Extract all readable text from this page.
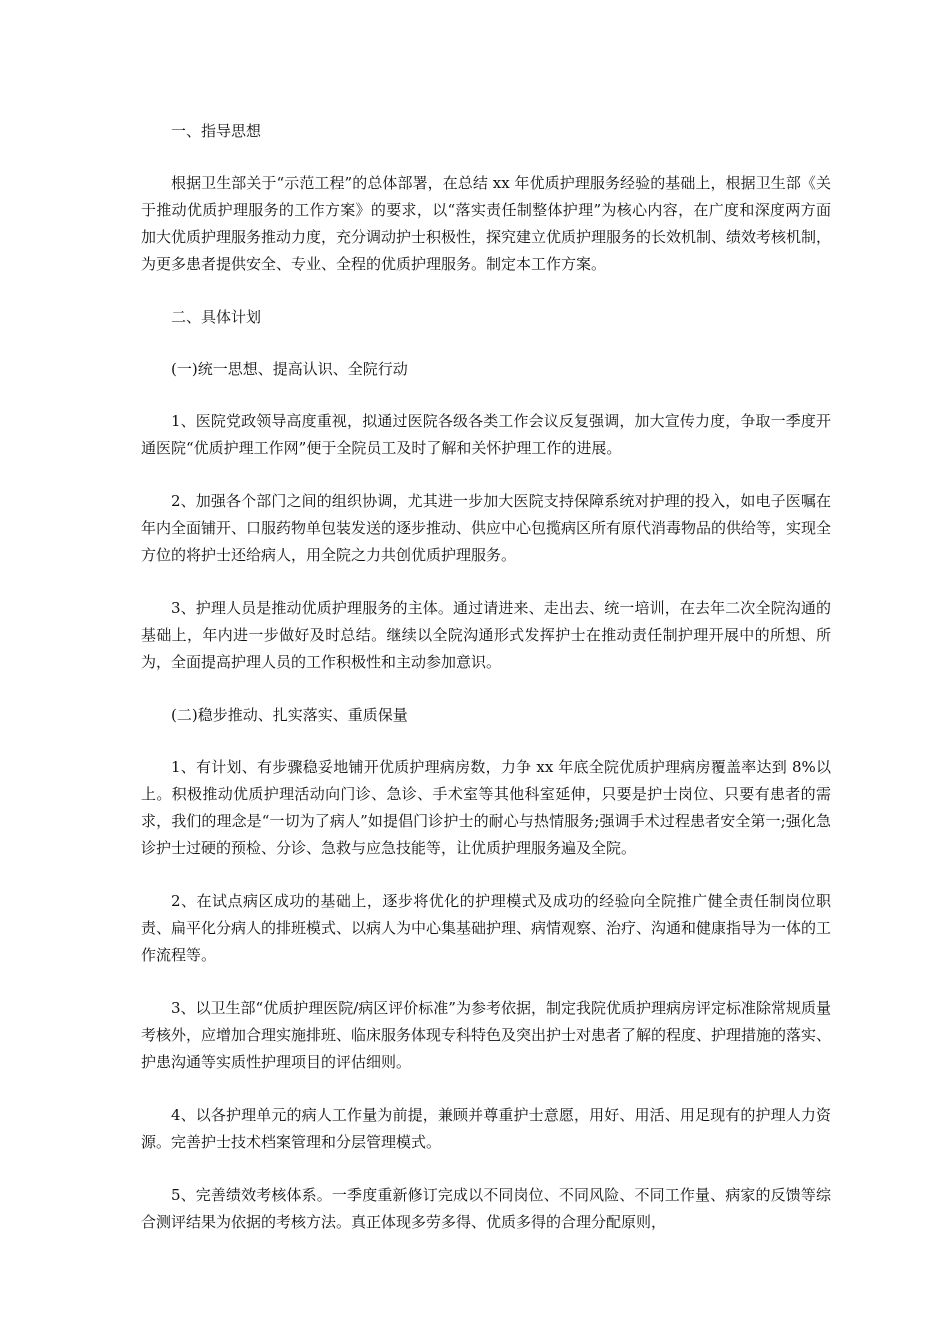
一、指导思想

根据卫生部关于“示范工程”的总体部署，在总结 xx 年优质护理服务经验的基础上，根据卫生部《关于推动优质护理服务的工作方案》的要求，以“落实责任制整体护理”为核心内容，在广度和深度两方面加大优质护理服务推动力度，充分调动护士积极性，探究建立优质护理服务的长效机制、绩效考核机制，为更多患者提供安全、专业、全程的优质护理服务。制定本工作方案。

二、具体计划

(一)统一思想、提高认识、全院行动

1、医院党政领导高度重视，拟通过医院各级各类工作会议反复强调，加大宣传力度，争取一季度开通医院“优质护理工作网”便于全院员工及时了解和关怀护理工作的进展。

2、加强各个部门之间的组织协调，尤其进一步加大医院支持保障系统对护理的投入，如电子医嘱在年内全面铺开、口服药物单包装发送的逐步推动、供应中心包揽病区所有原代消毒物品的供给等，实现全方位的将护士还给病人，用全院之力共创优质护理服务。

3、护理人员是推动优质护理服务的主体。通过请进来、走出去、统一培训，在去年二次全院沟通的基础上，年内进一步做好及时总结。继续以全院沟通形式发挥护士在推动责任制护理开展中的所想、所为，全面提高护理人员的工作积极性和主动参加意识。

(二)稳步推动、扎实落实、重质保量

1、有计划、有步骤稳妥地铺开优质护理病房数，力争 xx 年底全院优质护理病房覆盖率达到 8%以上。积极推动优质护理活动向门诊、急诊、手术室等其他科室延伸，只要是护士岗位、只要有患者的需求，我们的理念是“一切为了病人”如提倡门诊护士的耐心与热情服务;强调手术过程患者安全第一;强化急诊护士过硬的预检、分诊、急救与应急技能等，让优质护理服务遍及全院。

2、在试点病区成功的基础上，逐步将优化的护理模式及成功的经验向全院推广健全责任制岗位职责、扁平化分病人的排班模式、以病人为中心集基础护理、病情观察、治疗、沟通和健康指导为一体的工作流程等。

3、以卫生部“优质护理医院/病区评价标准”为参考依据，制定我院优质护理病房评定标准除常规质量考核外，应增加合理实施排班、临床服务体现专科特色及突出护士对患者了解的程度、护理措施的落实、护患沟通等实质性护理项目的评估细则。

4、以各护理单元的病人工作量为前提，兼顾并尊重护士意愿，用好、用活、用足现有的护理人力资源。完善护士技术档案管理和分层管理模式。

5、完善绩效考核体系。一季度重新修订完成以不同岗位、不同风险、不同工作量、病家的反馈等综合测评结果为依据的考核方法。真正体现多劳多得、优质多得的合理分配原则，
